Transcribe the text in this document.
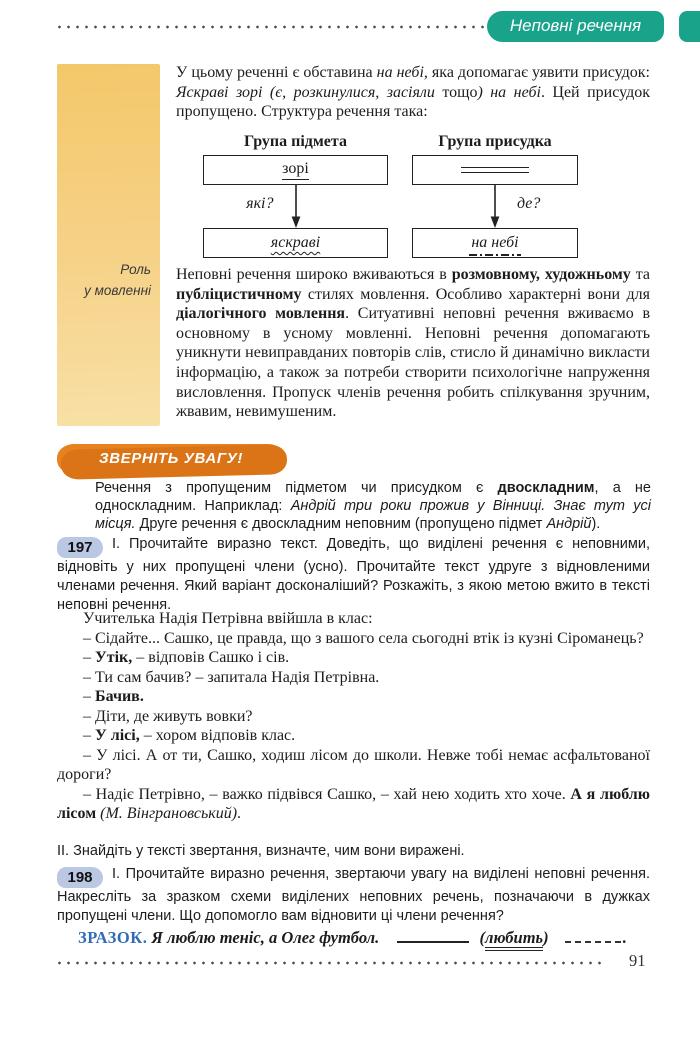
Неповні речення
Роль
у мовленні

У цьому реченні є обставина на небі, яка допомагає уявити присудок: Яскраві зорі (є, розкинулися, засіяли тощо) на небі. Цей присудок пропущено. Структура речення така:

Група підмета
зорі
які?
яскраві
Група присудка
де?
на небі

Неповні речення широко вживаються в розмовному, художньому та публіцистичному стилях мовлення. Особливо характерні вони для діалогічного мовлення. Ситуативні неповні речення вживаємо в основному в усному мовленні. Неповні речення допомагають уникнути невиправданих повторів слів, стисло й динамічно викласти інформацію, а також за потреби створити психологічне напруження висловлення. Пропуск членів речення робить спілкування зручним, жвавим, невимушеним.

ЗВЕРНІТЬ УВАГУ!

Речення з пропущеним підметом чи присудком є двоскладним, а не односкладним. Наприклад: Андрій три роки прожив у Вінниці. Знає тут усі місця. Друге речення є двоскладним неповним (пропущено підмет Андрій).

197 І. Прочитайте виразно текст. Доведіть, що виділені речення є неповними, відновіть у них пропущені члени (усно). Прочитайте текст удруге з відновленими членами речення. Який варіант досконаліший? Розкажіть, з якою метою вжито в тексті неповні речення.

Учителька Надія Петрівна ввійшла в клас:

– Сідайте... Сашко, це правда, що з вашого села сьогодні втік із кузні Сіроманець?

– Утік, – відповів Сашко і сів.

– Ти сам бачив? – запитала Надія Петрівна.

– Бачив.

– Діти, де живуть вовки?

– У лісі, – хором відповів клас.

– У лісі. А от ти, Сашко, ходиш лісом до школи. Невже тобі немає асфальтованої дороги?

– Надіє Петрівно, – важко підвівся Сашко, – хай нею ходить хто хоче. А я люблю лісом (М. Вінграновський).

ІІ. Знайдіть у тексті звертання, визначте, чим вони виражені.

198 І. Прочитайте виразно речення, звертаючи увагу на виділені неповні речення. Накресліть за зразком схеми виділених неповних речень, позначаючи в дужках пропущені члени. Що допомогло вам відновити ці члени речення?

ЗРАЗОК. Я люблю теніс, а Олег футбол.	(любить)	.
91
